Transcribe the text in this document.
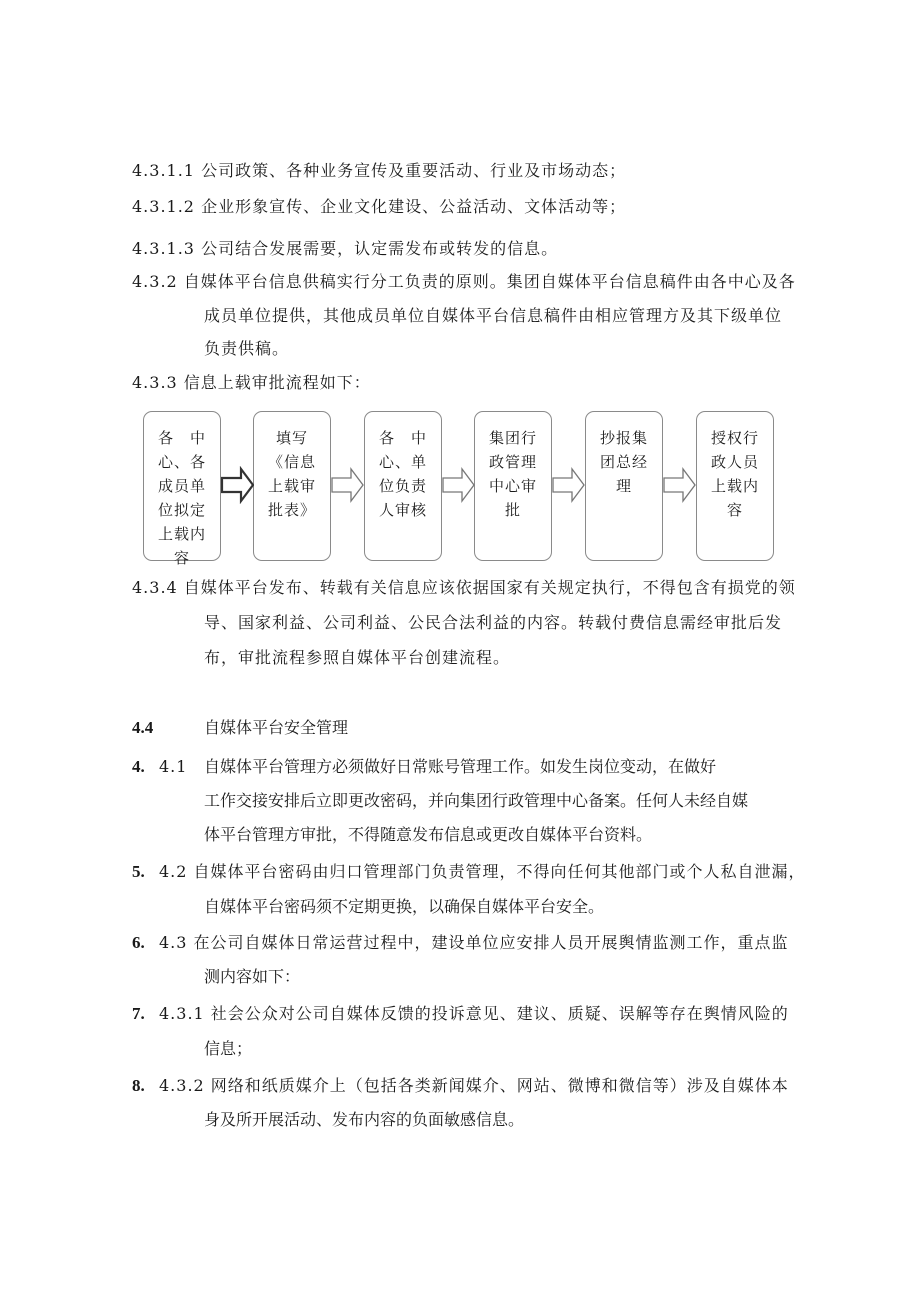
4.3.1.1 公司政策、各种业务宣传及重要活动、行业及市场动态；
4.3.1.2 企业形象宣传、企业文化建设、公益活动、文体活动等；
4.3.1.3 公司结合发展需要，认定需发布或转发的信息。
4.3.2 自媒体平台信息供稿实行分工负责的原则。集团自媒体平台信息稿件由各中心及各
成员单位提供，其他成员单位自媒体平台信息稿件由相应管理方及其下级单位
负责供稿。
4.3.3 信息上载审批流程如下：
各　中
心、各
成员单
位拟定
上载内
容
填写
《信息
上载审
批表》
各　中
心、单
位负责
人审核
集团行
政管理
中心审
批
抄报集
团总经
理
授权行
政人员
上载内
容
4.3.4 自媒体平台发布、转载有关信息应该依据国家有关规定执行，不得包含有损党的领
导、国家利益、公司利益、公民合法利益的内容。转载付费信息需经审批后发
布，审批流程参照自媒体平台创建流程。
4.4	自媒体平台安全管理
4. 4.1 自媒体平台管理方必须做好日常账号管理工作。如发生岗位变动，在做好
工作交接安排后立即更改密码，并向集团行政管理中心备案。任何人未经自媒
体平台管理方审批，不得随意发布信息或更改自媒体平台资料。
5. 4.2 自媒体平台密码由归口管理部门负责管理，不得向任何其他部门或个人私自泄漏，
自媒体平台密码须不定期更换，以确保自媒体平台安全。
6. 4.3 在公司自媒体日常运营过程中，建设单位应安排人员开展舆情监测工作，重点监
测内容如下：
7. 4.3.1 社会公众对公司自媒体反馈的投诉意见、建议、质疑、误解等存在舆情风险的
信息；
8. 4.3.2 网络和纸质媒介上（包括各类新闻媒介、网站、微博和微信等）涉及自媒体本
身及所开展活动、发布内容的负面敏感信息。
